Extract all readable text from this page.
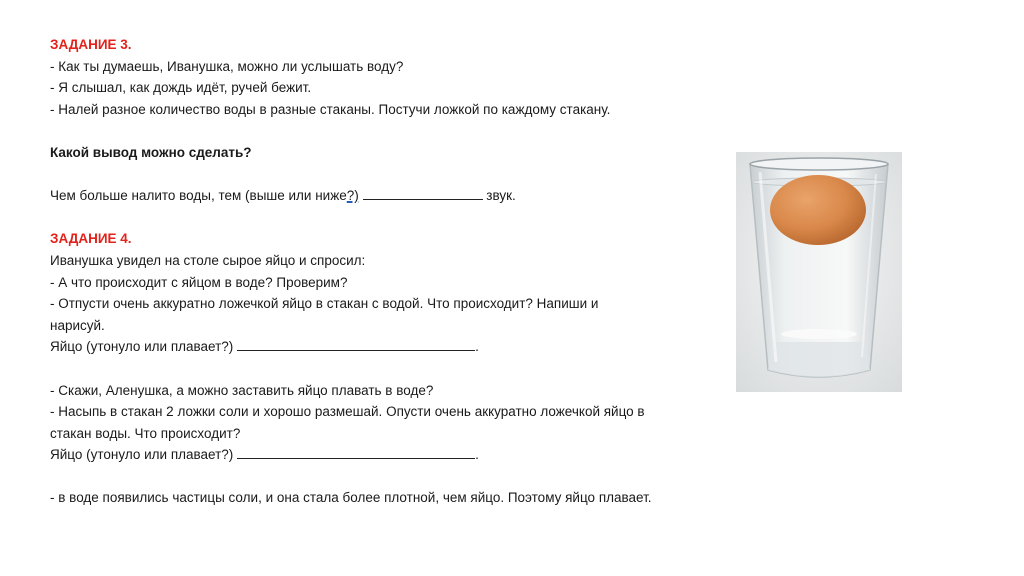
ЗАДАНИЕ 3.
- Как ты думаешь, Иванушка, можно ли услышать воду?
- Я слышал, как дождь идёт, ручей бежит.
- Налей разное количество воды в разные стаканы. Постучи ложкой по каждому стакану.
Какой вывод можно сделать?
Чем больше налито воды, тем (выше или ниже?)	звук.
ЗАДАНИЕ 4.
Иванушка увидел на столе сырое яйцо и спросил:
- А что происходит с яйцом в воде? Проверим?
- Отпусти очень аккуратно ложечкой яйцо в стакан с водой. Что происходит? Напиши и
нарисуй.
Яйцо (утонуло или плавает?)	.
- Скажи, Аленушка, а можно заставить яйцо плавать в воде?
- Насыпь в стакан 2 ложки соли и хорошо размешай. Опусти очень аккуратно ложечкой яйцо в
стакан воды. Что происходит?
Яйцо (утонуло или плавает?)	.
- в воде появились частицы соли, и она стала более плотной, чем яйцо. Поэтому яйцо плавает.
